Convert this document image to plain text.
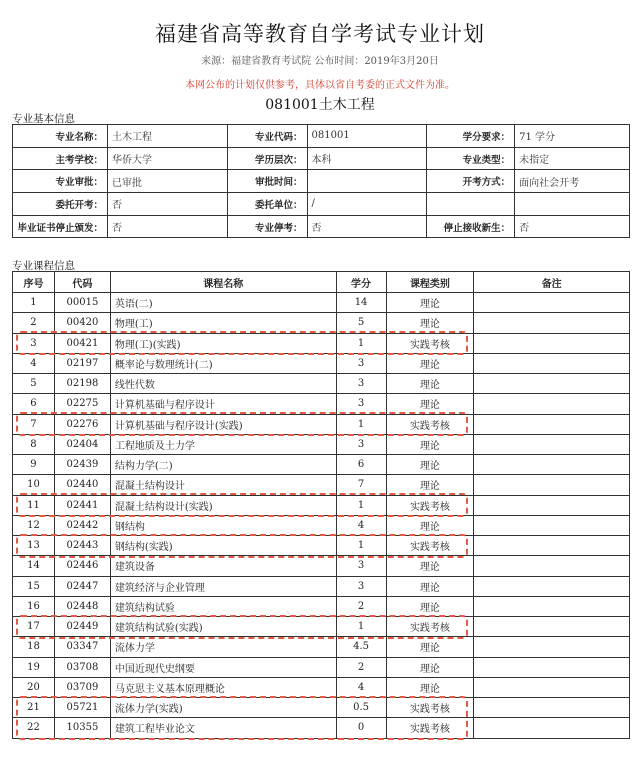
福建省高等教育自学考试专业计划
来源：福建省教育考试院 公布时间：2019年3月20日
本网公布的计划仅供参考，具体以省自考委的正式文件为准。
081001土木工程
专业基本信息
专业名称：	土木工程	专业代码：	081001	学分要求：	71 学分
主考学校：	华侨大学	学历层次：	本科	专业类型：	未指定
专业审批：	已审批	审批时间：		开考方式：	面向社会开考
委托开考：	否	委托单位：	/		
毕业证书停止颁发：	否	专业停考：	否	停止接收新生：	否
专业课程信息
序号	代码	课程名称	学分	课程类别	备注
1	00015	英语(二)	14	理论	
2	00420	物理(工)	5	理论	
3	00421	物理(工)(实践)	1	实践考核	
4	02197	概率论与数理统计(二)	3	理论	
5	02198	线性代数	3	理论	
6	02275	计算机基础与程序设计	3	理论	
7	02276	计算机基础与程序设计(实践)	1	实践考核	
8	02404	工程地质及土力学	3	理论	
9	02439	结构力学(二)	6	理论	
10	02440	混凝土结构设计	7	理论	
11	02441	混凝土结构设计(实践)	1	实践考核	
12	02442	钢结构	4	理论	
13	02443	钢结构(实践)	1	实践考核	
14	02446	建筑设备	3	理论	
15	02447	建筑经济与企业管理	3	理论	
16	02448	建筑结构试验	2	理论	
17	02449	建筑结构试验(实践)	1	实践考核	
18	03347	流体力学	4.5	理论	
19	03708	中国近现代史纲要	2	理论	
20	03709	马克思主义基本原理概论	4	理论	
21	05721	流体力学(实践)	0.5	实践考核	
22	10355	建筑工程毕业论文	0	实践考核	
